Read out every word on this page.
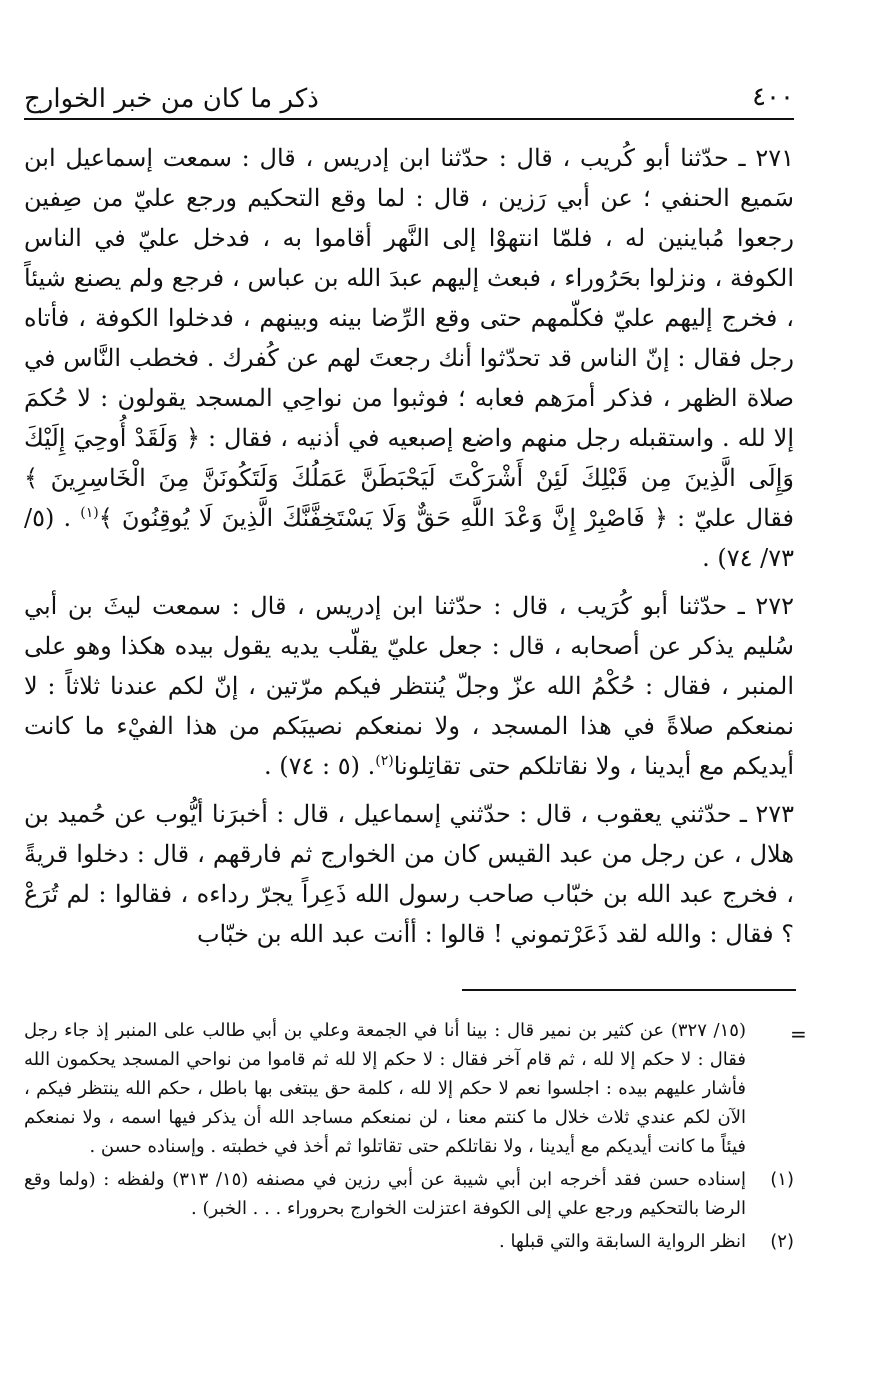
٤٠٠
ذكر ما كان من خبر الخوارج

٢٧١ ـ حدّثنا أبو كُريب ، قال : حدّثنا ابن إدريس ، قال : سمعت إسماعيل ابن سَميع الحنفي ؛ عن أبي رَزين ، قال : لما وقع التحكيم ورجع عليّ من صِفين رجعوا مُباينين له ، فلمّا انتهوْا إلى النَّهر أقاموا به ، فدخل عليّ في الناس الكوفة ، ونزلوا بحَرُوراء ، فبعث إليهم عبدَ الله بن عباس ، فرجع ولم يصنع شيئاً ، فخرج إليهم عليّ فكلّمهم حتى وقع الرِّضا بينه وبينهم ، فدخلوا الكوفة ، فأتاه رجل فقال : إنّ الناس قد تحدّثوا أنك رجعتَ لهم عن كُفرك . فخطب النَّاس في صلاة الظهر ، فذكر أمرَهم فعابه ؛ فوثبوا من نواحِي المسجد يقولون : لا حُكمَ إلا لله . واستقبله رجل منهم واضع إصبعيه في أذنيه ، فقال : ﴿ وَلَقَدْ أُوحِيَ إِلَيْكَ وَإِلَى الَّذِينَ مِن قَبْلِكَ لَئِنْ أَشْرَكْتَ لَيَحْبَطَنَّ عَمَلُكَ وَلَتَكُونَنَّ مِنَ الْخَاسِرِينَ ﴾ فقال عليّ : ﴿ فَاصْبِرْ إِنَّ وَعْدَ اللَّهِ حَقٌّ وَلَا يَسْتَخِفَّنَّكَ الَّذِينَ لَا يُوقِنُونَ ﴾$^{(١)}$ . (٥/ ٧٣/ ٧٤) .

٢٧٢ ـ حدّثنا أبو كُرَيب ، قال : حدّثنا ابن إدريس ، قال : سمعت ليثَ بن أبي سُليم يذكر عن أصحابه ، قال : جعل عليّ يقلّب يديه يقول بيده هكذا وهو على المنبر ، فقال : حُكْمُ الله عزّ وجلّ يُنتظر فيكم مرّتين ، إنّ لكم عندنا ثلاثاً : لا نمنعكم صلاةً في هذا المسجد ، ولا نمنعكم نصيبَكم من هذا الفيْء ما كانت أيديكم مع أيدينا ، ولا نقاتلكم حتى تقاتِلونا$^{(٢)}$. (٥ : ٧٤) .

٢٧٣ ـ حدّثني يعقوب ، قال : حدّثني إسماعيل ، قال : أخبرَنا أيُّوب عن حُميد بن هلال ، عن رجل من عبد القيس كان من الخوارج ثم فارقهم ، قال : دخلوا قريةً ، فخرج عبد الله بن خبّاب صاحب رسول الله ذَعِراً يجرّ رداءه ، فقالوا : لم تُرَعْ ؟ فقال : والله لقد ذَعَرْتموني ! قالوا : أأنت عبد الله بن خبّاب

=

(١٥/ ٣٢٧) عن كثير بن نمير قال : بينا أنا في الجمعة وعلي بن أبي طالب على المنبر إذ جاء رجل فقال : لا حكم إلا لله ، ثم قام آخر فقال : لا حكم إلا لله ثم قاموا من نواحي المسجد يحكمون الله فأشار عليهم بيده : اجلسوا نعم لا حكم إلا لله ، كلمة حق يبتغى بها باطل ، حكم الله ينتظر فيكم ، الآن لكم عندي ثلاث خلال ما كنتم معنا ، لن نمنعكم مساجد الله أن يذكر فيها اسمه ، ولا نمنعكم فيئاً ما كانت أيديكم مع أيدينا ، ولا نقاتلكم حتى تقاتلوا ثم أخذ في خطبته . وإسناده حسن .

(١)
إسناده حسن فقد أخرجه ابن أبي شيبة عن أبي رزين في مصنفه (١٥/ ٣١٣) ولفظه : (ولما وقع الرضا بالتحكيم ورجع علي إلى الكوفة اعتزلت الخوارج بحروراء . . . الخبر) .

(٢)
انظر الرواية السابقة والتي قبلها .
